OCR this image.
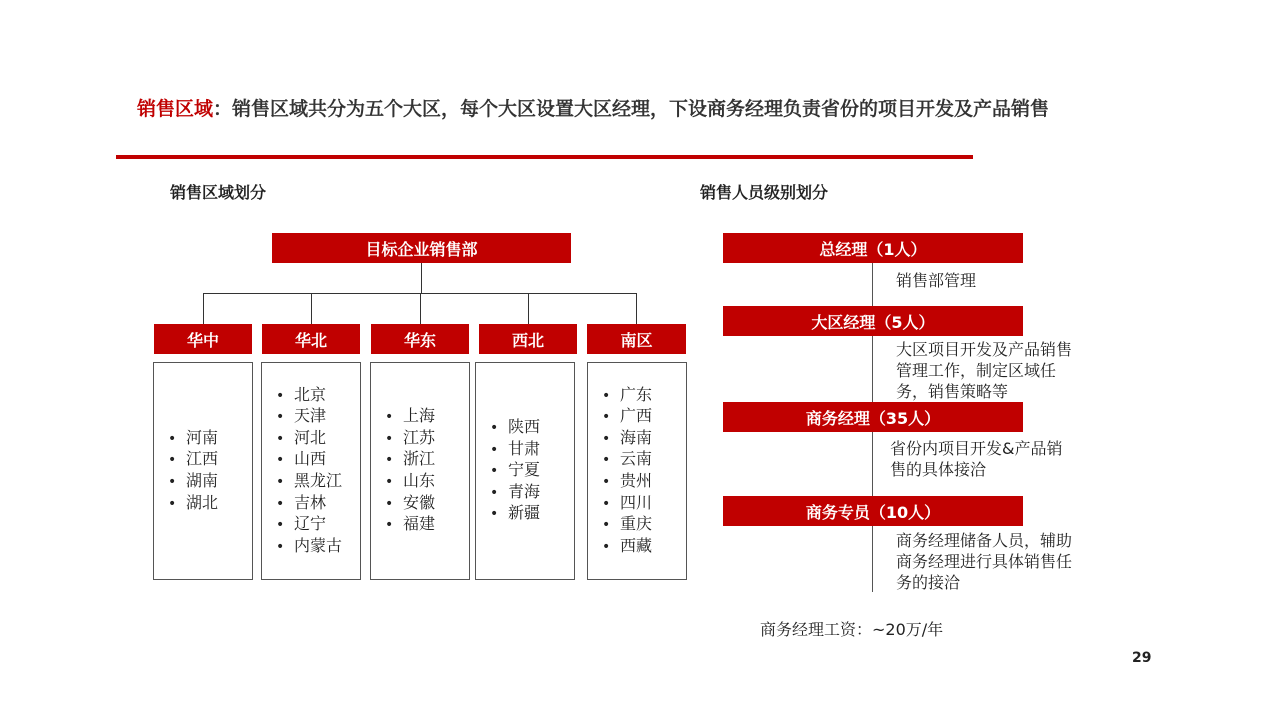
销售区域：销售区域共分为五个大区，每个大区设置大区经理，下设商务经理负责省份的项目开发及产品销售
销售区域划分
目标企业销售部
华中	华北	华东	西北	南区
• 河南
• 江西
• 湖南
• 湖北
• 北京
• 天津
• 河北
• 山西
• 黑龙江
• 吉林
• 辽宁
• 内蒙古
• 上海
• 江苏
• 浙江
• 山东
• 安徽
• 福建
• 陕西
• 甘肃
• 宁夏
• 青海
• 新疆
• 广东
• 广西
• 海南
• 云南
• 贵州
• 四川
• 重庆
• 西藏
销售人员级别划分
总经理（1人）
销售部管理
大区经理（5人）
大区项目开发及产品销售管理工作，制定区域任务，销售策略等
商务经理（35人）
省份内项目开发&产品销售的具体接洽
商务专员（10人）
商务经理储备人员，辅助商务经理进行具体销售任务的接洽
商务经理工资：~20万/年
29
